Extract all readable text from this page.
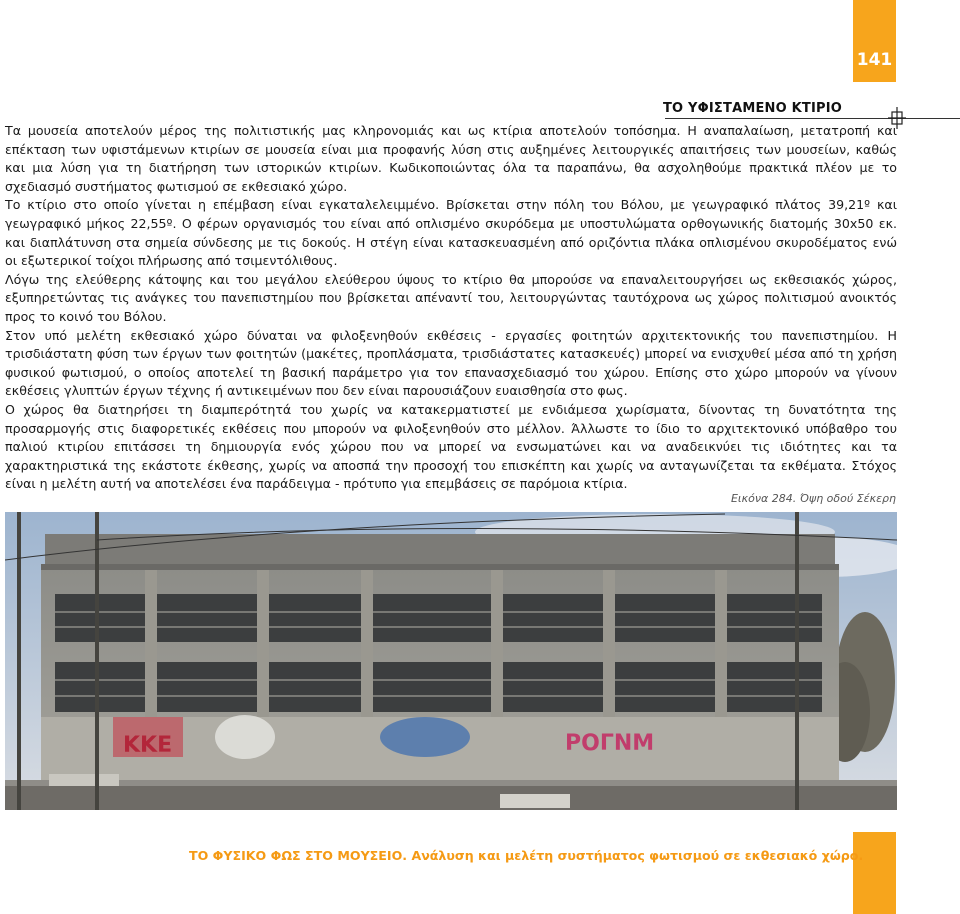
141
ΤΟ ΥΦΙΣΤΑΜΕΝΟ ΚΤΙΡΙΟ

Τα μουσεία αποτελούν μέρος της πολιτιστικής μας κληρονομιάς και ως κτίρια αποτελούν τοπόσημα. Η αναπαλαίωση, μετατροπή και επέκταση των υφιστάμενων κτιρίων σε μουσεία είναι μια προφανής λύση στις αυξημένες λειτουργικές απαιτήσεις των μουσείων, καθώς και μια λύση για τη διατήρηση των ιστορικών κτιρίων. Κωδικοποιώντας όλα τα παραπάνω, θα ασχοληθούμε πρακτικά πλέον με το σχεδιασμό συστήματος φωτισμού σε εκθεσιακό χώρο.

Το κτίριο στο οποίο γίνεται η επέμβαση είναι εγκαταλελειμμένο. Βρίσκεται στην πόλη του Βόλου, με γεωγραφικό πλάτος 39,21º και γεωγραφικό μήκος 22,55º. Ο φέρων οργανισμός του είναι από οπλισμένο σκυρόδεμα με υποστυλώματα ορθογωνικής διατομής 30x50 εκ. και διαπλάτυνση στα σημεία σύνδεσης με τις δοκούς. Η στέγη είναι κατασκευασμένη από οριζόντια πλάκα οπλισμένου σκυροδέματος ενώ οι εξωτερικοί τοίχοι πλήρωσης από τσιμεντόλιθους.

Λόγω της ελεύθερης κάτοψης και του μεγάλου ελεύθερου ύψους το κτίριο θα μπορούσε να επαναλειτουργήσει ως εκθεσιακός χώρος, εξυπηρετώντας τις ανάγκες του πανεπιστημίου που βρίσκεται απέναντί του, λειτουργώντας ταυτόχρονα ως χώρος πολιτισμού ανοικτός προς το κοινό του Βόλου.

Στον υπό μελέτη εκθεσιακό χώρο δύναται να φιλοξενηθούν εκθέσεις - εργασίες φοιτητών αρχιτεκτονικής του πανεπιστημίου. Η τρισδιάστατη φύση των έργων των φοιτητών (μακέτες, προπλάσματα, τρισδιάστατες κατασκευές) μπορεί να ενισχυθεί μέσα από τη χρήση φυσικού φωτισμού, ο οποίος αποτελεί τη βασική παράμετρο για τον επανασχεδιασμό του χώρου. Επίσης στο χώρο μπορούν να γίνουν εκθέσεις γλυπτών έργων τέχνης ή αντικειμένων που δεν είναι παρουσιάζουν ευαισθησία στο φως.

Ο χώρος θα διατηρήσει τη διαμπερότητά του χωρίς να κατακερματιστεί με ενδιάμεσα χωρίσματα, δίνοντας τη δυνατότητα της προσαρμογής στις διαφορετικές εκθέσεις που μπορούν να φιλοξενηθούν στο μέλλον. Άλλωστε το ίδιο το αρχιτεκτονικό υπόβαθρο του παλιού κτιρίου επιτάσσει τη δημιουργία ενός χώρου που να μπορεί να ενσωματώνει και να αναδεικνύει τις ιδιότητες και τα χαρακτηριστικά της εκάστοτε έκθεσης, χωρίς να αποσπά την προσοχή του επισκέπτη και χωρίς να ανταγωνίζεται τα εκθέματα. Στόχος είναι η μελέτη αυτή να αποτελέσει ένα παράδειγμα - πρότυπο για επεμβάσεις σε παρόμοια κτίρια.

Εικόνα 284. Όψη οδού Σέκερη
ΚΚΕ	ΡΟΓΝΜ
ΤΟ ΦΥΣΙΚΟ ΦΩΣ ΣΤΟ ΜΟΥΣΕΙΟ. Ανάλυση και μελέτη συστήματος φωτισμού σε εκθεσιακό χώρο.
